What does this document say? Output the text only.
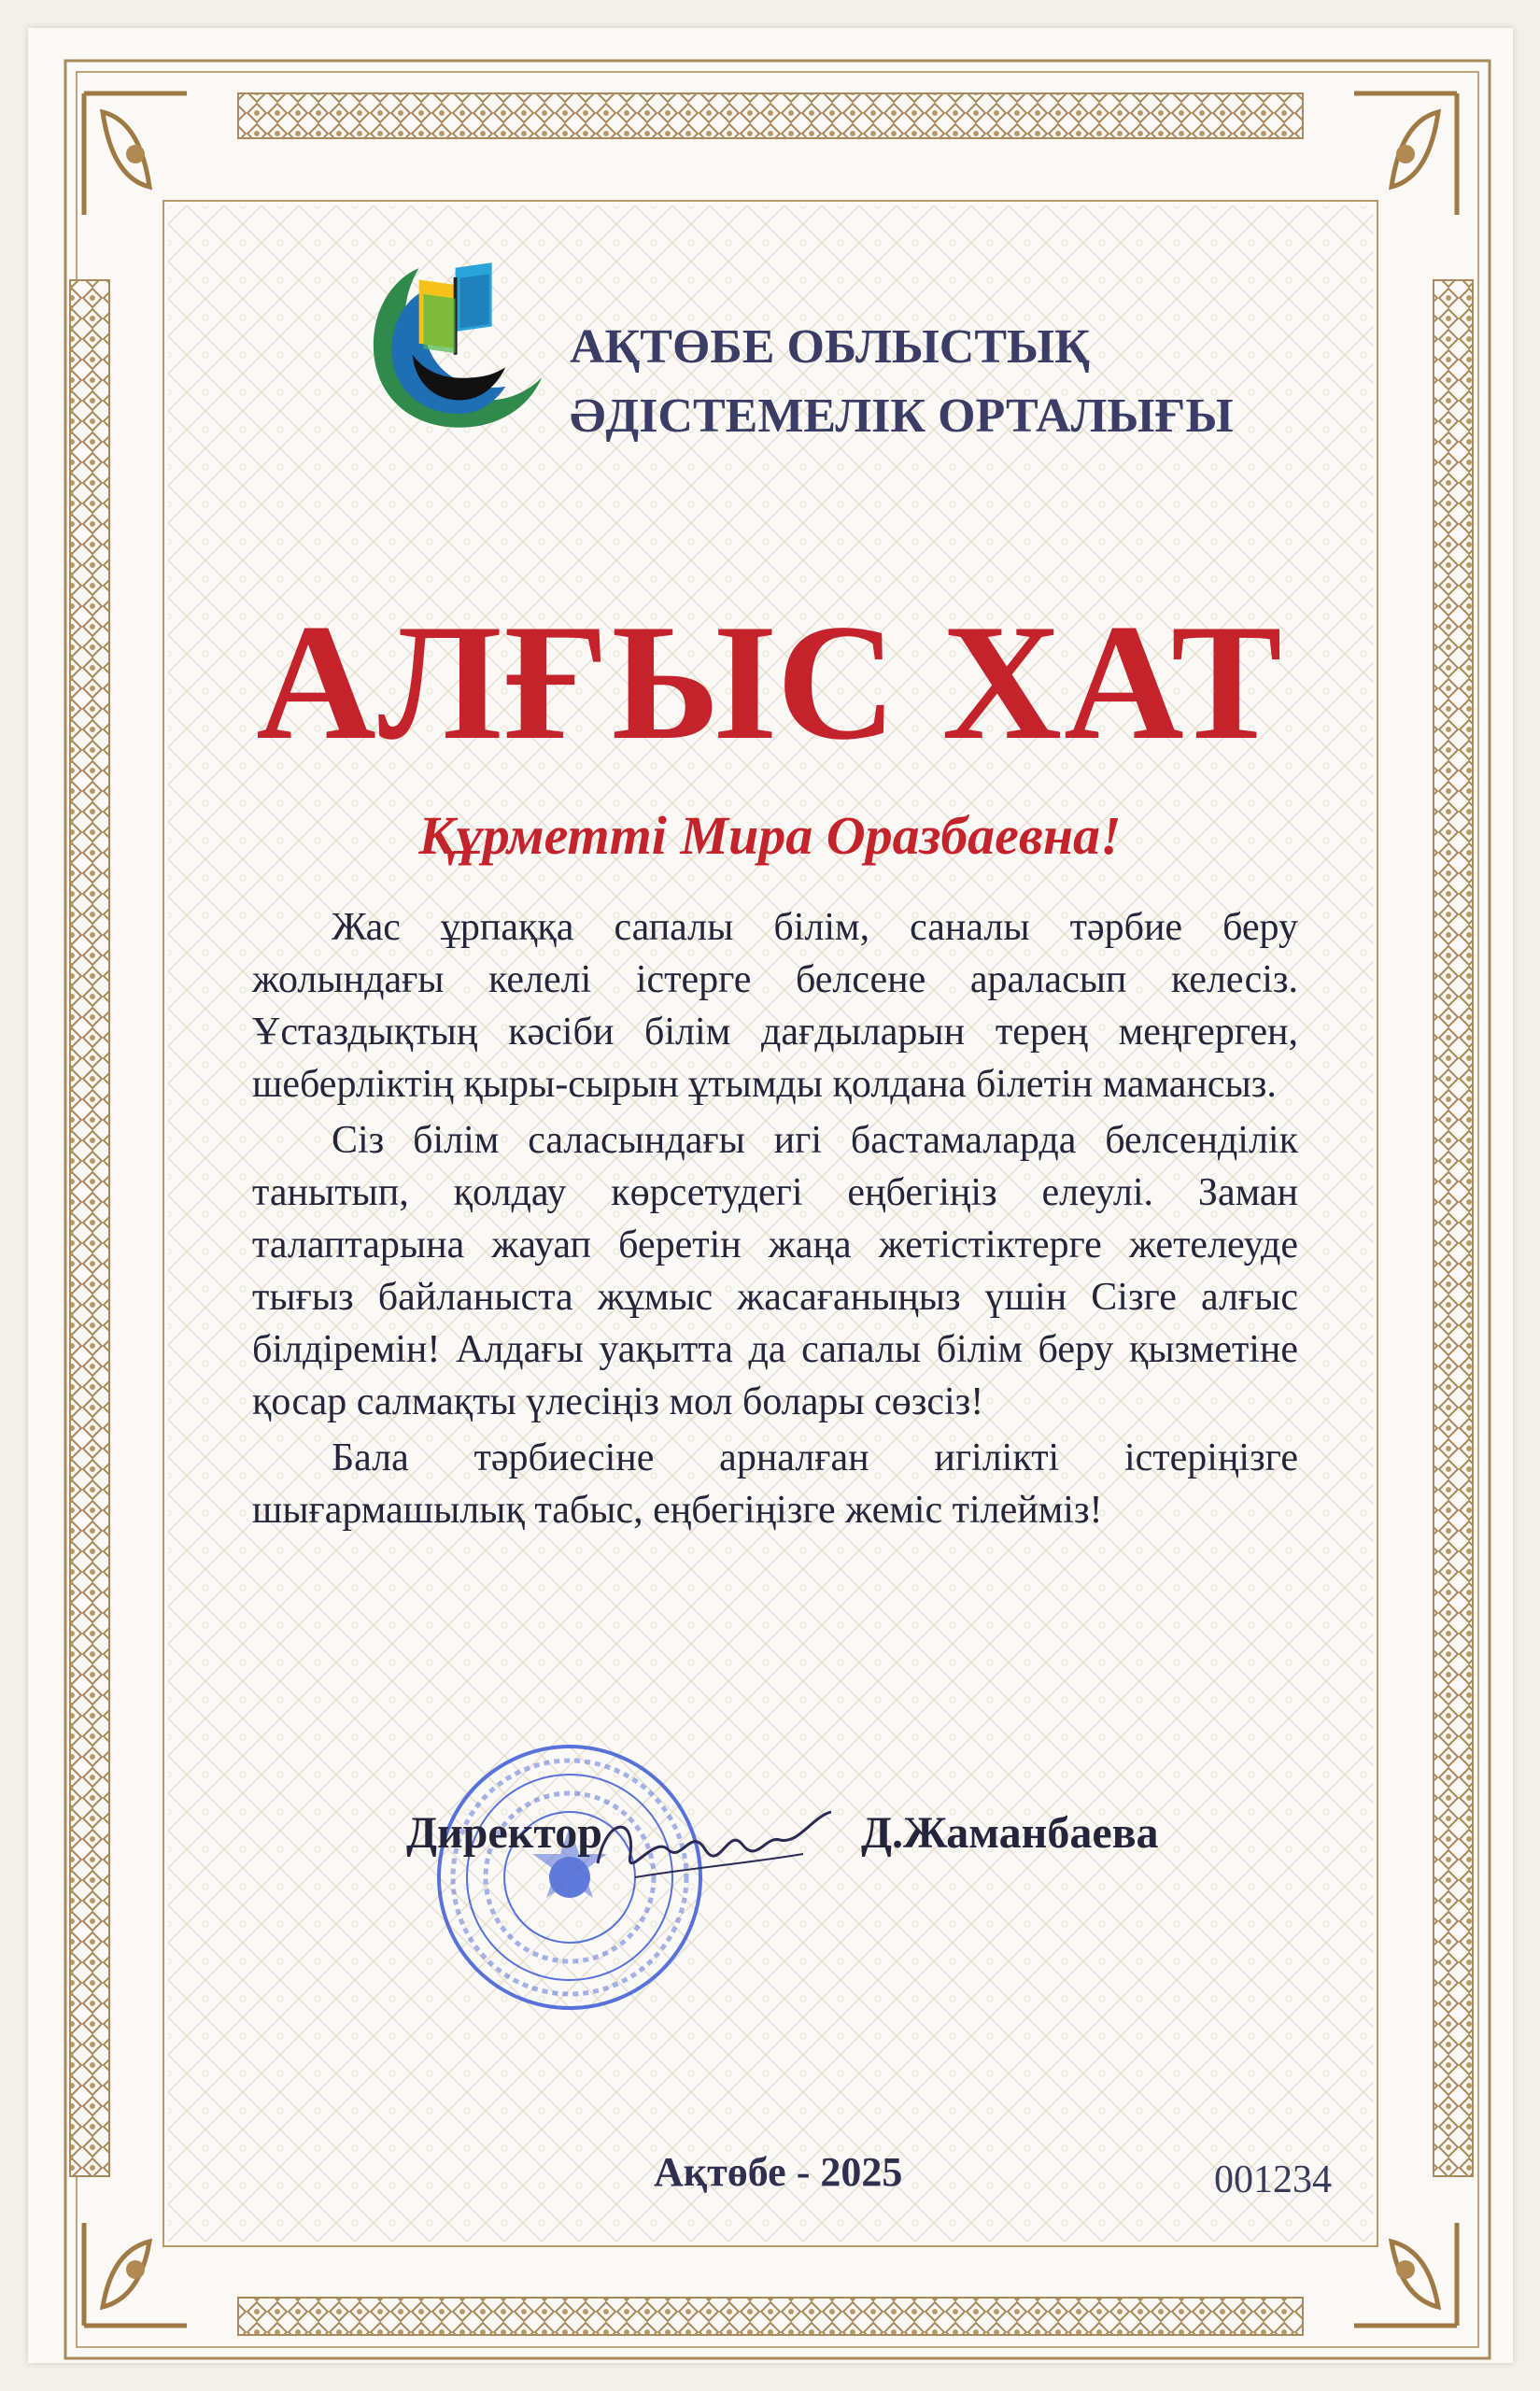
АҚТӨБЕ ОБЛЫСТЫҚ
ӘДІСТЕМЕЛІК ОРТАЛЫҒЫ
АЛҒЫС ХАТ
Құрметті Мира Оразбаевна!

Жас ұрпаққа сапалы білім, саналы тәрбие беру жолындағы келелі істерге белсене араласып келесіз. Ұстаздықтың кәсіби білім дағдыларын терең меңгерген, шеберліктің қыры-сырын ұтымды қолдана білетін мамансыз.

Сіз білім саласындағы игі бастамаларда белсенділік танытып, қолдау көрсетудегі еңбегіңіз елеулі. Заман талаптарына жауап беретін жаңа жетістіктерге жетелеуде тығыз байланыста жұмыс жасағаныңыз үшін Сізге алғыс білдіремін! Алдағы уақытта да сапалы білім беру қызметіне қосар салмақты үлесіңіз мол болары сөзсіз!

Бала тәрбиесіне арналған игілікті істеріңізге шығармашылық табыс, еңбегіңізге жеміс тілейміз!

Директор	Д.Жаманбаева
Ақтөбе - 2025	001234
